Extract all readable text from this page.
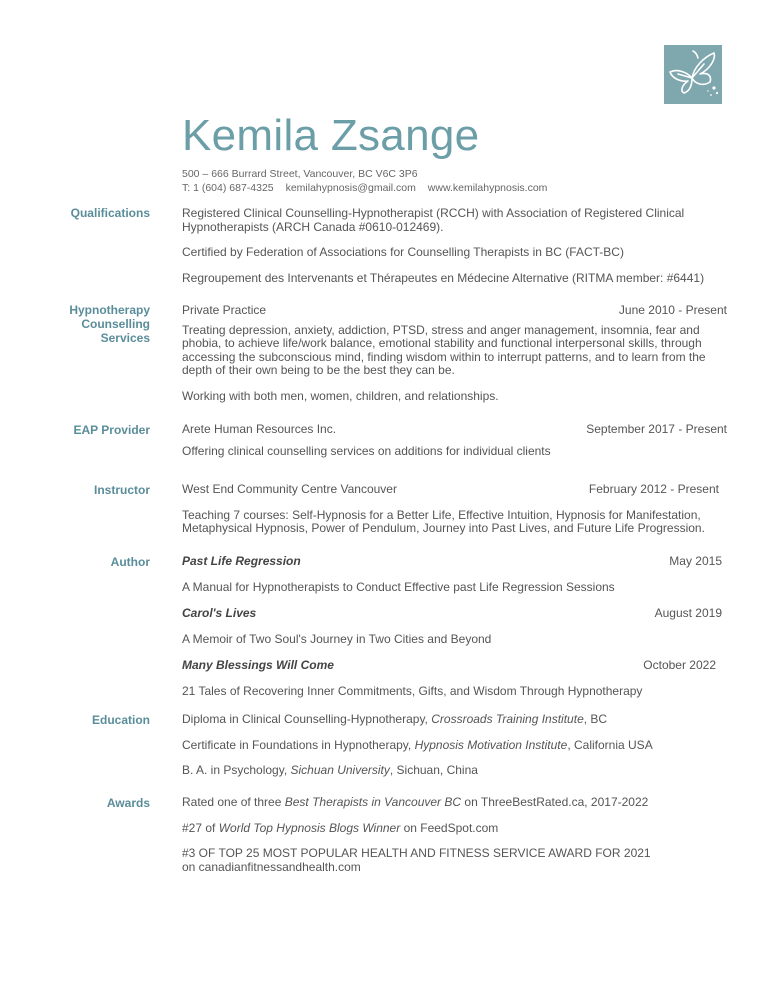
Kemila Zsange
500 – 666 Burrard Street, Vancouver, BC V6C 3P6
T: 1 (604) 687-4325 kemilahypnosis@gmail.com www.kemilahypnosis.com
Qualifications	Registered Clinical Counselling-Hypnotherapist (RCCH) with Association of Registered Clinical Hypnotherapists (ARCH Canada #0610-012469).

Certified by Federation of Associations for Counselling Therapists in BC (FACT-BC)

Regroupement des Intervenants et Thérapeutes en Médecine Alternative (RITMA member: #6441)

Hypnotherapy
Counselling
Services
Private Practice	June 2010 - Present

Treating depression, anxiety, addiction, PTSD, stress and anger management, insomnia, fear and phobia, to achieve life/work balance, emotional stability and functional interpersonal skills, through accessing the subconscious mind, finding wisdom within to interrupt patterns, and to learn from the depth of their own being to be the best they can be.

Working with both men, women, children, and relationships.

EAP Provider	Arete Human Resources Inc.	September 2017 - Present

Offering clinical counselling services on additions for individual clients

Instructor	West End Community Centre Vancouver	February 2012 - Present

Teaching 7 courses: Self-Hypnosis for a Better Life, Effective Intuition, Hypnosis for Manifestation, Metaphysical Hypnosis, Power of Pendulum, Journey into Past Lives, and Future Life Progression.

Author	Past Life Regression	May 2015

A Manual for Hypnotherapists to Conduct Effective past Life Regression Sessions

Carol's Lives	August 2019

A Memoir of Two Soul's Journey in Two Cities and Beyond

Many Blessings Will Come	October 2022

21 Tales of Recovering Inner Commitments, Gifts, and Wisdom Through Hypnotherapy

Education	Diploma in Clinical Counselling-Hypnotherapy, Crossroads Training Institute, BC

Certificate in Foundations in Hypnotherapy, Hypnosis Motivation Institute, California USA

B. A. in Psychology, Sichuan University, Sichuan, China

Awards	Rated one of three Best Therapists in Vancouver BC on ThreeBestRated.ca, 2017-2022

#27 of World Top Hypnosis Blogs Winner on FeedSpot.com

#3 OF TOP 25 MOST POPULAR HEALTH AND FITNESS SERVICE AWARD FOR 2021 on canadianfitnessandhealth.com
